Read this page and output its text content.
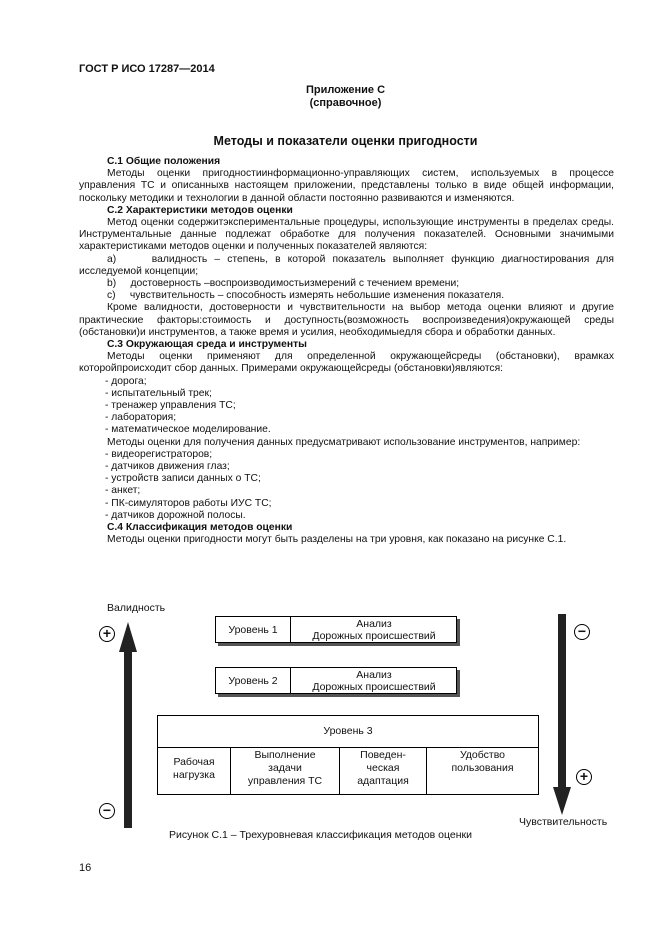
ГОСТ Р ИСО 17287—2014
Приложение С
(справочное)
Методы и показатели оценки пригодности

С.1 Общие положения

Методы оценки пригодностиинформационно-управляющих систем, используемых в процессе управления ТС и описанныхв настоящем приложении, представлены только в виде общей информации, поскольку методики и технологии в данной области постоянно развиваются и изменяются.

С.2 Характеристики методов оценки

Метод оценки содержитэкспериментальные процедуры, использующие инструменты в пределах среды. Инструментальные данные подлежат обработке для получения показателей. Основными значимыми характеристиками методов оценки и полученных показателей являются:

a)	валидность – степень, в которой показатель выполняет функцию диагностирования для исследуемой концепции;

b) достоверность –воспроизводимостьизмерений с течением времени;

c) чувствительность – способность измерять небольшие изменения показателя.

Кроме валидности, достоверности и чувствительности на выбор метода оценки влияют и другие практические факторы:стоимость и доступность(возможность воспроизведения)окружающей среды (обстановки)и инструментов, а также время и усилия, необходимыедля сбора и обработки данных.

С.3 Окружающая среда и инструменты

Методы оценки применяют для определенной окружающейсреды (обстановки), врамках которойпроисходит сбор данных. Примерами окружающейсреды (обстановки)являются:

- дорога;

- испытательный трек;

- тренажер управления ТС;

- лаборатория;

- математическое моделирование.

Методы оценки для получения данных предусматривают использование инструментов, например:

- видеорегистраторов;

- датчиков движения глаз;

- устройств записи данных о ТС;

- анкет;

- ПК-симуляторов работы ИУС ТС;

- датчиков дорожной полосы.

С.4 Классификация методов оценки

Методы оценки пригодности могут быть разделены на три уровня, как показано на рисунке С.1.

Валидность
+
−
Уровень 1	Анализ
Дорожных происшествий
Уровень 2	Анализ
Дорожных происшествий
Уровень 3
Рабочая
нагрузка
Выполнение
задачи
управления ТС
Поведен-
ческая
адаптация
Удобство
пользования
−
+
Чувствительность
Рисунок С.1 – Трехуровневая классификация методов оценки
16
